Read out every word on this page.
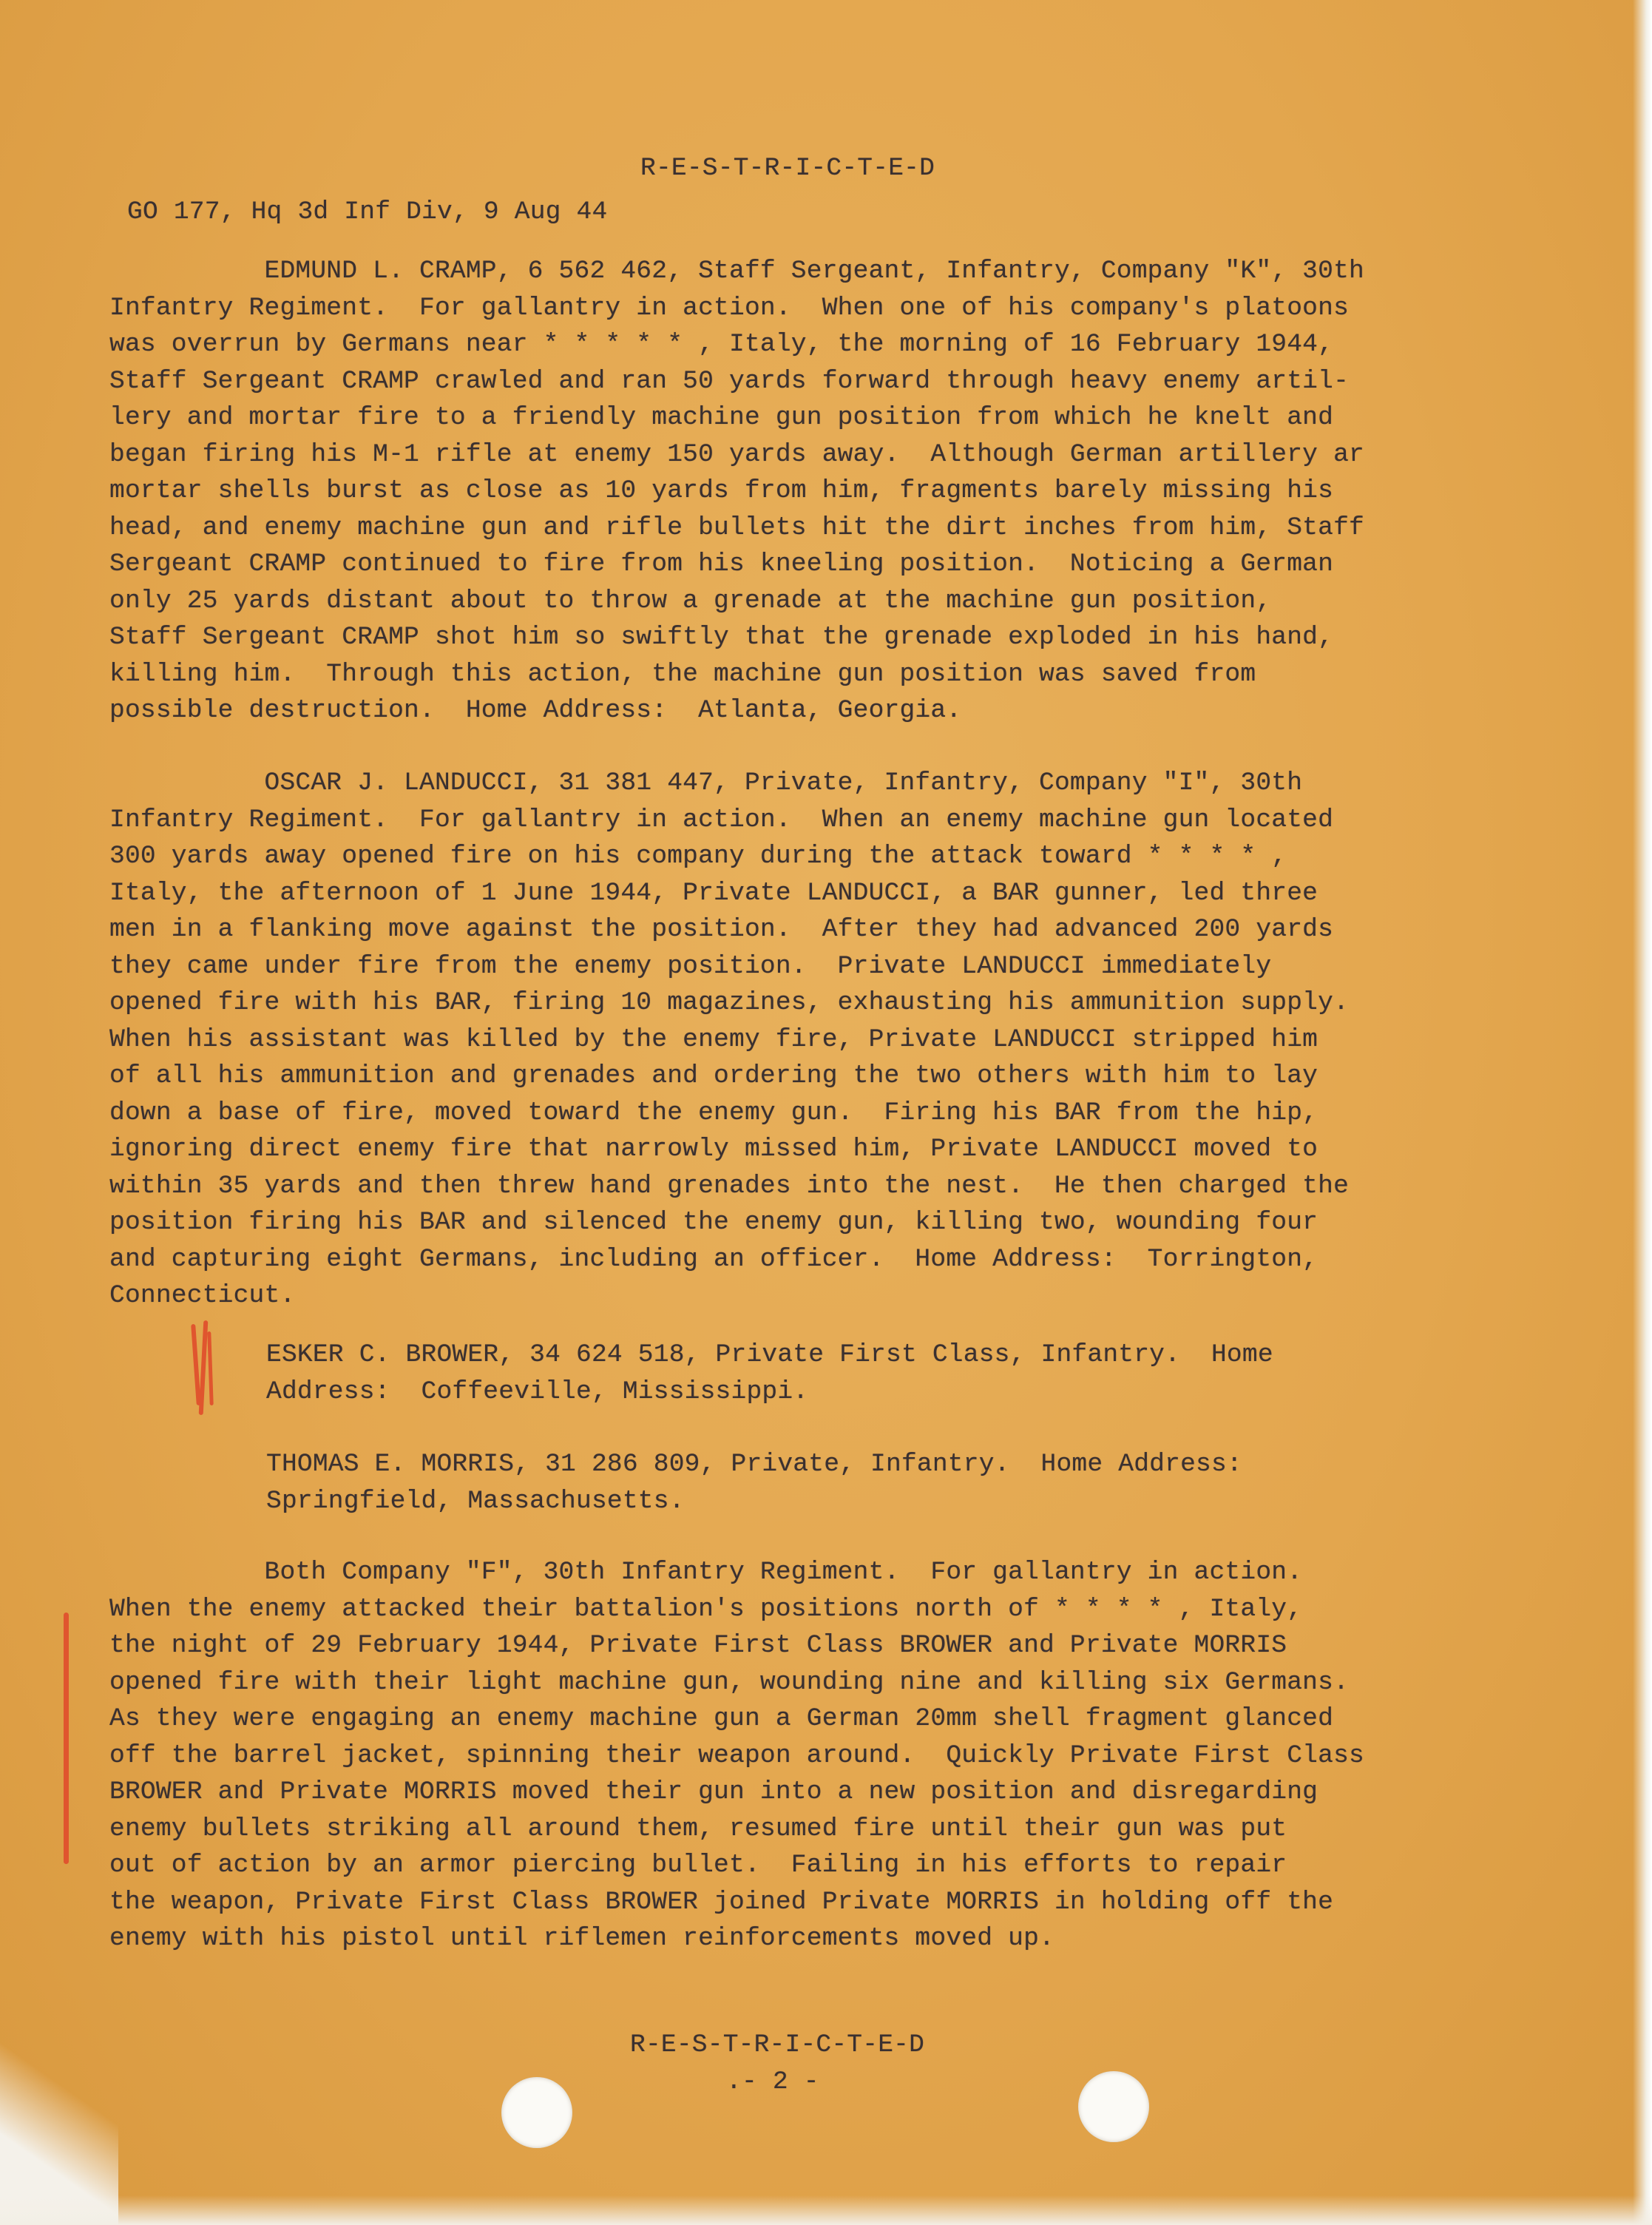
R-E-S-T-R-I-C-T-E-D
GO 177, Hq 3d Inf Div, 9 Aug 44
EDMUND L. CRAMP, 6 562 462, Staff Sergeant, Infantry, Company "K", 30th
Infantry Regiment.  For gallantry in action.  When one of his company's platoons
was overrun by Germans near * * * * * , Italy, the morning of 16 February 1944,
Staff Sergeant CRAMP crawled and ran 50 yards forward through heavy enemy artil-
lery and mortar fire to a friendly machine gun position from which he knelt and
began firing his M-1 rifle at enemy 150 yards away.  Although German artillery ar
mortar shells burst as close as 10 yards from him, fragments barely missing his
head, and enemy machine gun and rifle bullets hit the dirt inches from him, Staff
Sergeant CRAMP continued to fire from his kneeling position.  Noticing a German
only 25 yards distant about to throw a grenade at the machine gun position,
Staff Sergeant CRAMP shot him so swiftly that the grenade exploded in his hand,
killing him.  Through this action, the machine gun position was saved from
possible destruction.  Home Address:  Atlanta, Georgia.
OSCAR J. LANDUCCI, 31 381 447, Private, Infantry, Company "I", 30th
Infantry Regiment.  For gallantry in action.  When an enemy machine gun located
300 yards away opened fire on his company during the attack toward * * * * ,
Italy, the afternoon of 1 June 1944, Private LANDUCCI, a BAR gunner, led three
men in a flanking move against the position.  After they had advanced 200 yards
they came under fire from the enemy position.  Private LANDUCCI immediately
opened fire with his BAR, firing 10 magazines, exhausting his ammunition supply.
When his assistant was killed by the enemy fire, Private LANDUCCI stripped him
of all his ammunition and grenades and ordering the two others with him to lay
down a base of fire, moved toward the enemy gun.  Firing his BAR from the hip,
ignoring direct enemy fire that narrowly missed him, Private LANDUCCI moved to
within 35 yards and then threw hand grenades into the nest.  He then charged the
position firing his BAR and silenced the enemy gun, killing two, wounding four
and capturing eight Germans, including an officer.  Home Address:  Torrington,
Connecticut.
ESKER C. BROWER, 34 624 518, Private First Class, Infantry.  Home
Address:  Coffeeville, Mississippi.
THOMAS E. MORRIS, 31 286 809, Private, Infantry.  Home Address:
Springfield, Massachusetts.
Both Company "F", 30th Infantry Regiment.  For gallantry in action.
When the enemy attacked their battalion's positions north of * * * * , Italy,
the night of 29 February 1944, Private First Class BROWER and Private MORRIS
opened fire with their light machine gun, wounding nine and killing six Germans.
As they were engaging an enemy machine gun a German 20mm shell fragment glanced
off the barrel jacket, spinning their weapon around.  Quickly Private First Class
BROWER and Private MORRIS moved their gun into a new position and disregarding
enemy bullets striking all around them, resumed fire until their gun was put
out of action by an armor piercing bullet.  Failing in his efforts to repair
the weapon, Private First Class BROWER joined Private MORRIS in holding off the
enemy with his pistol until riflemen reinforcements moved up.
R-E-S-T-R-I-C-T-E-D
.- 2 -
